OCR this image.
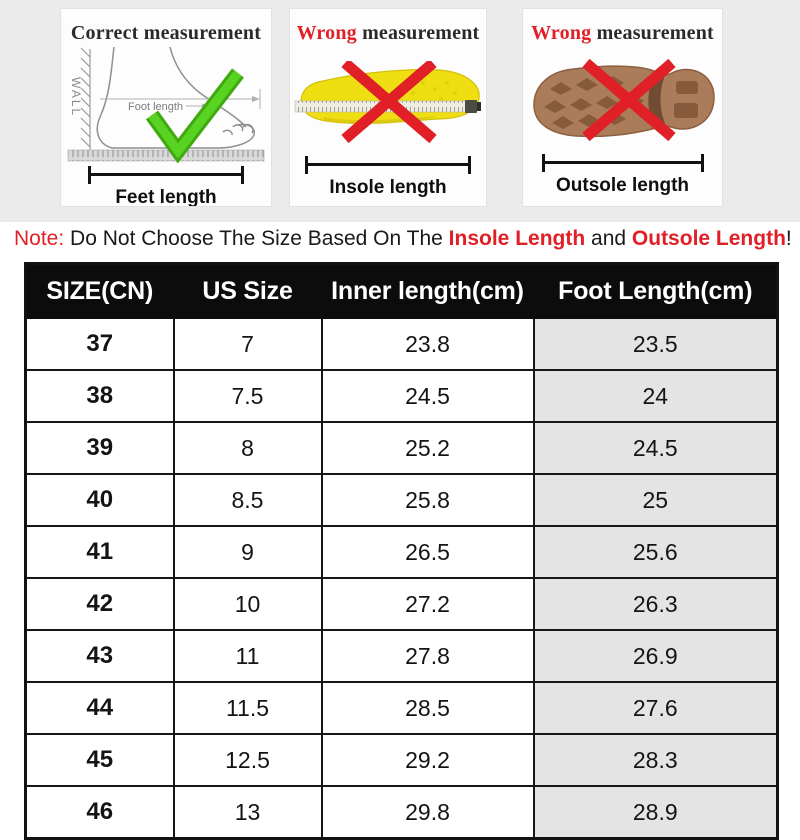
Correct measurement
WALL	Foot length
Feet length
Wrong measurement
Insole length
Wrong measurement
Outsole length
Note: Do Not Choose The Size Based On The Insole Length and Outsole Length!
SIZE(CN)	US Size	Inner length(cm)	Foot Length(cm)
37	7	23.8	23.5
38	7.5	24.5	24
39	8	25.2	24.5
40	8.5	25.8	25
41	9	26.5	25.6
42	10	27.2	26.3
43	11	27.8	26.9
44	11.5	28.5	27.6
45	12.5	29.2	28.3
46	13	29.8	28.9
